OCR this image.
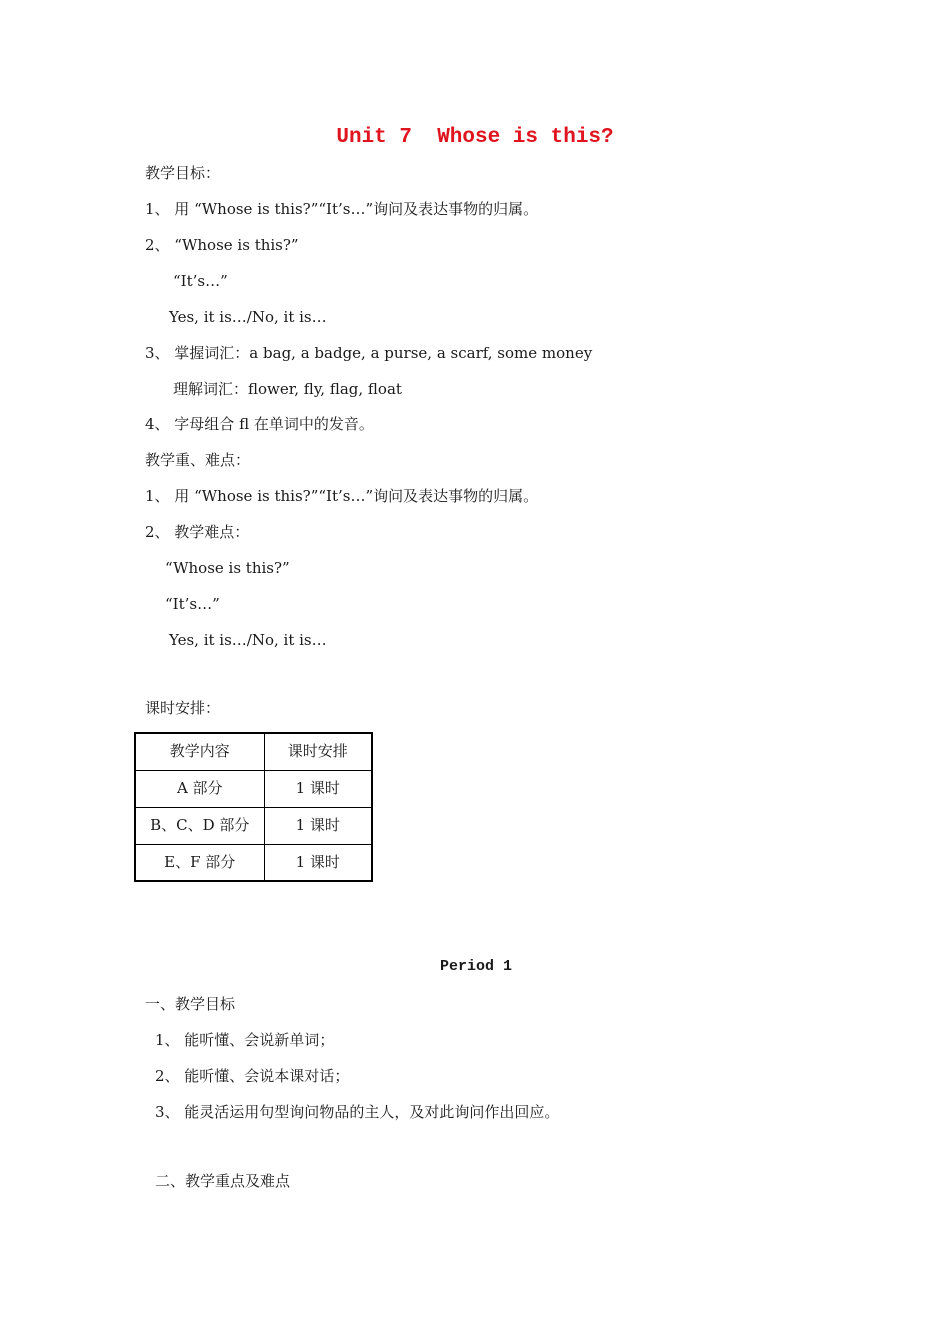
Unit 7  Whose is this?
教学目标：
1、 用 “Whose is this?”“It’s…”询问及表达事物的归属。
2、 “Whose is this?”
“It’s…”
Yes, it is…/No, it is…
3、 掌握词汇：a bag, a badge, a purse, a scarf, some money
理解词汇：flower, fly, flag, float
4、 字母组合 fl 在单词中的发音。
教学重、难点：
1、 用 “Whose is this?”“It’s…”询问及表达事物的归属。
2、 教学难点：
“Whose is this?”
“It’s…”
Yes, it is…/No, it is…
课时安排：
教学内容	课时安排
A 部分	1 课时
B、C、D 部分	1 课时
E、F 部分	1 课时
Period 1
一、教学目标
1、 能听懂、会说新单词；
2、 能听懂、会说本课对话；
3、 能灵活运用句型询问物品的主人，及对此询问作出回应。
二、教学重点及难点
